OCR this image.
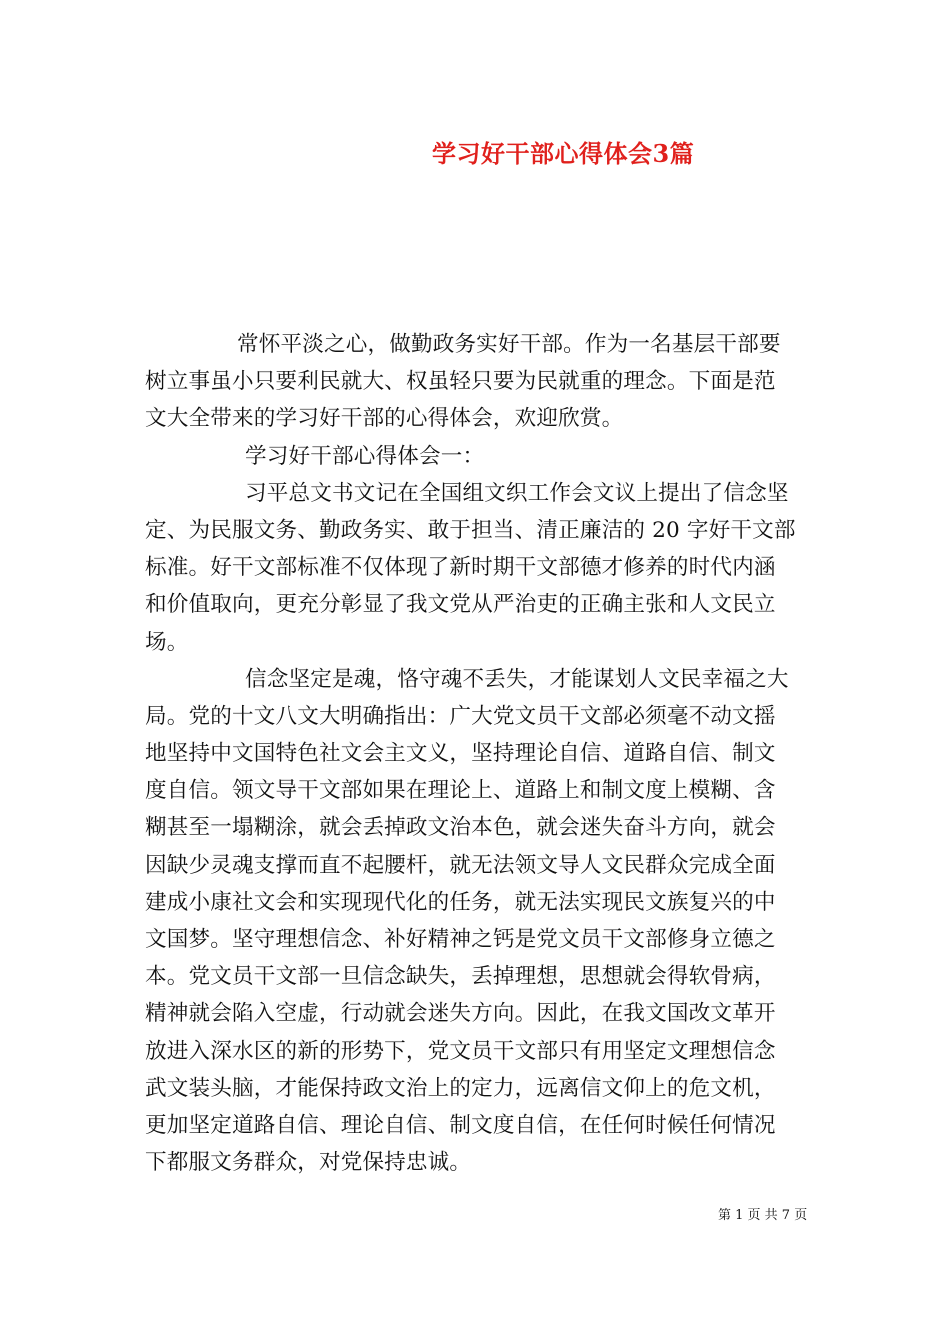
学习好干部心得体会3篇
常怀平淡之心，做勤政务实好干部。作为一名基层干部要
树立事虽小只要利民就大、权虽轻只要为民就重的理念。下面是范
文大全带来的学习好干部的心得体会，欢迎欣赏。
学习好干部心得体会一：
习平总文书文记在全国组文织工作会文议上提出了信念坚
定、为民服文务、勤政务实、敢于担当、清正廉洁的 20 字好干文部
标准。好干文部标准不仅体现了新时期干文部德才修养的时代内涵
和价值取向，更充分彰显了我文党从严治吏的正确主张和人文民立
场。
信念坚定是魂，恪守魂不丢失，才能谋划人文民幸福之大
局。党的十文八文大明确指出：广大党文员干文部必须毫不动文摇
地坚持中文国特色社文会主文义，坚持理论自信、道路自信、制文
度自信。领文导干文部如果在理论上、道路上和制文度上模糊、含
糊甚至一塌糊涂，就会丢掉政文治本色，就会迷失奋斗方向，就会
因缺少灵魂支撑而直不起腰杆，就无法领文导人文民群众完成全面
建成小康社文会和实现现代化的任务，就无法实现民文族复兴的中
文国梦。坚守理想信念、补好精神之钙是党文员干文部修身立德之
本。党文员干文部一旦信念缺失，丢掉理想，思想就会得软骨病，
精神就会陷入空虚，行动就会迷失方向。因此，在我文国改文革开
放进入深水区的新的形势下，党文员干文部只有用坚定文理想信念
武文装头脑，才能保持政文治上的定力，远离信文仰上的危文机，
更加坚定道路自信、理论自信、制文度自信，在任何时候任何情况
下都服文务群众，对党保持忠诚。
第 1 页 共 7 页
